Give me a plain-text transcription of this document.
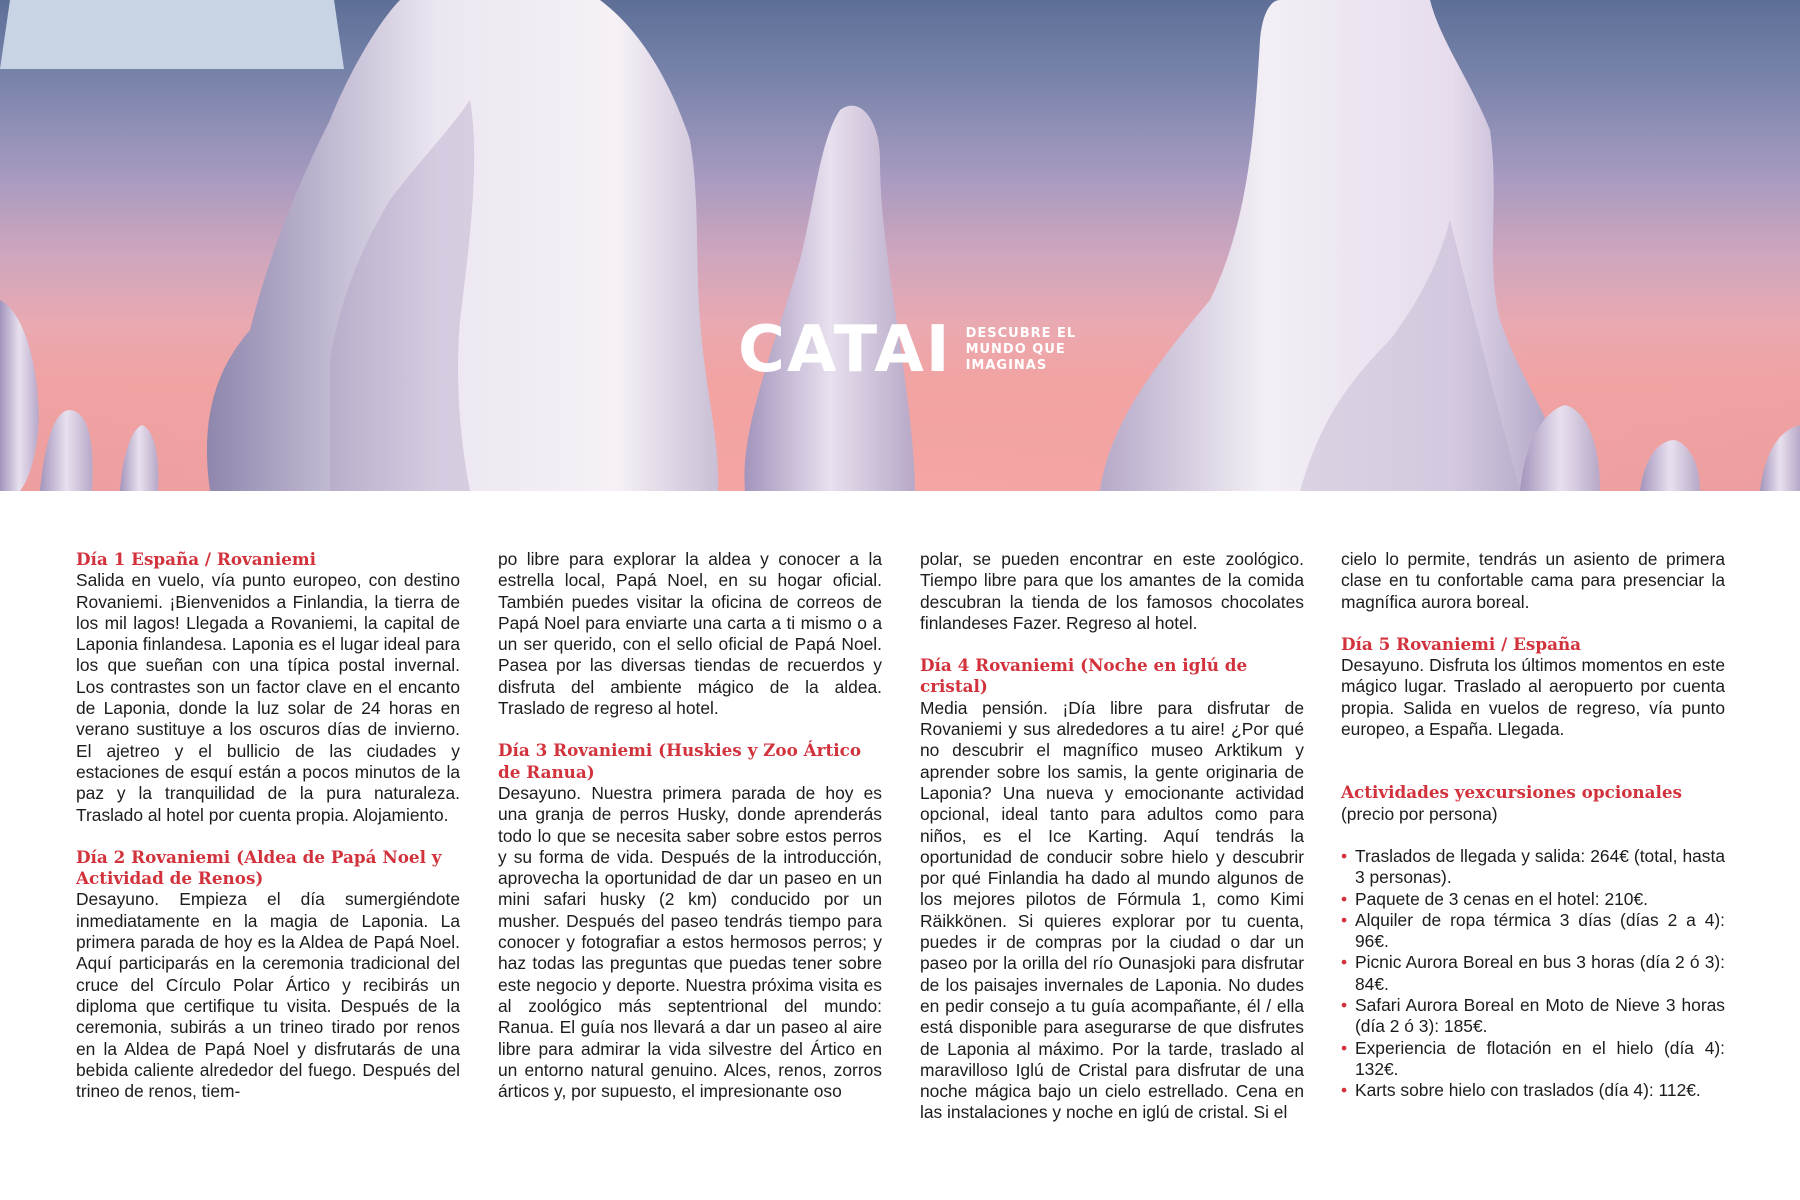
CATAI DESCUBRE EL
MUNDO QUE
IMAGINAS
Día 1 España / Rovaniemi

Salida en vuelo, vía punto europeo, con destino Rovaniemi. ¡Bienvenidos a Finlandia, la tierra de los mil lagos! Llegada a Rovaniemi, la capital de Laponia finlandesa. Laponia es el lugar ideal para los que sueñan con una típica postal invernal. Los contrastes son un factor clave en el encanto de Laponia, donde la luz solar de 24 horas en verano sustituye a los oscuros días de invierno. El ajetreo y el bullicio de las ciudades y estaciones de esquí están a pocos minutos de la paz y la tranquilidad de la pura naturaleza. Traslado al hotel por cuenta propia. Alojamiento.

Día 2 Rovaniemi (Aldea de Papá Noel y Actividad de Renos)

Desayuno. Empieza el día sumergiéndote inmediatamente en la magia de Laponia. La primera parada de hoy es la Aldea de Papá Noel. Aquí participarás en la ceremonia tradicional del cruce del Círculo Polar Ártico y recibirás un diploma que certifique tu visita. Después de la ceremonia, subirás a un trineo tirado por renos en la Aldea de Papá Noel y disfrutarás de una bebida caliente alrededor del fuego. Después del trineo de renos, tiem-

po libre para explorar la aldea y conocer a la estrella local, Papá Noel, en su hogar oficial. También puedes visitar la oficina de correos de Papá Noel para enviarte una carta a ti mismo o a un ser querido, con el sello oficial de Papá Noel. Pasea por las diversas tiendas de recuerdos y disfruta del ambiente mágico de la aldea. Traslado de regreso al hotel.

Día 3 Rovaniemi (Huskies y Zoo Ártico de Ranua)

Desayuno. Nuestra primera parada de hoy es una granja de perros Husky, donde aprenderás todo lo que se necesita saber sobre estos perros y su forma de vida. Después de la introducción, aprovecha la oportunidad de dar un paseo en un mini safari husky (2 km) conducido por un musher. Después del paseo tendrás tiempo para conocer y fotografiar a estos hermosos perros; y haz todas las preguntas que puedas tener sobre este negocio y deporte. Nuestra próxima visita es al zoológico más septentrional del mundo: Ranua. El guía nos llevará a dar un paseo al aire libre para admirar la vida silvestre del Ártico en un entorno natural genuino. Alces, renos, zorros árticos y, por supuesto, el impresionante oso

polar, se pueden encontrar en este zoológico. Tiempo libre para que los amantes de la comida descubran la tienda de los famosos chocolates finlandeses Fazer. Regreso al hotel.

Día 4 Rovaniemi (Noche en iglú de cristal)

Media pensión. ¡Día libre para disfrutar de Rovaniemi y sus alrededores a tu aire! ¿Por qué no descubrir el magnífico museo Arktikum y aprender sobre los samis, la gente originaria de Laponia? Una nueva y emocionante actividad opcional, ideal tanto para adultos como para niños, es el Ice Karting. Aquí tendrás la oportunidad de conducir sobre hielo y descubrir por qué Finlandia ha dado al mundo algunos de los mejores pilotos de Fórmula 1, como Kimi Räikkönen. Si quieres explorar por tu cuenta, puedes ir de compras por la ciudad o dar un paseo por la orilla del río Ounasjoki para disfrutar de los paisajes invernales de Laponia. No dudes en pedir consejo a tu guía acompañante, él / ella está disponible para asegurarse de que disfrutes de Laponia al máximo. Por la tarde, traslado al maravilloso Iglú de Cristal para disfrutar de una noche mágica bajo un cielo estrellado. Cena en las instalaciones y noche en iglú de cristal. Si el

cielo lo permite, tendrás un asiento de primera clase en tu confortable cama para presenciar la magnífica aurora boreal.

Día 5 Rovaniemi / España

Desayuno. Disfruta los últimos momentos en este mágico lugar. Traslado al aeropuerto por cuenta propia. Salida en vuelos de regreso, vía punto europeo, a España. Llegada.

Actividades yexcursiones opcionales

(precio por persona)

• Traslados de llegada y salida: 264€ (total, hasta 3 personas).
• Paquete de 3 cenas en el hotel: 210€.
• Alquiler de ropa térmica 3 días (días 2 a 4): 96€.
• Picnic Aurora Boreal en bus 3 horas (día 2 ó 3): 84€.
• Safari Aurora Boreal en Moto de Nieve 3 horas (día 2 ó 3): 185€.
• Experiencia de flotación en el hielo (día 4): 132€.
• Karts sobre hielo con traslados (día 4): 112€.
